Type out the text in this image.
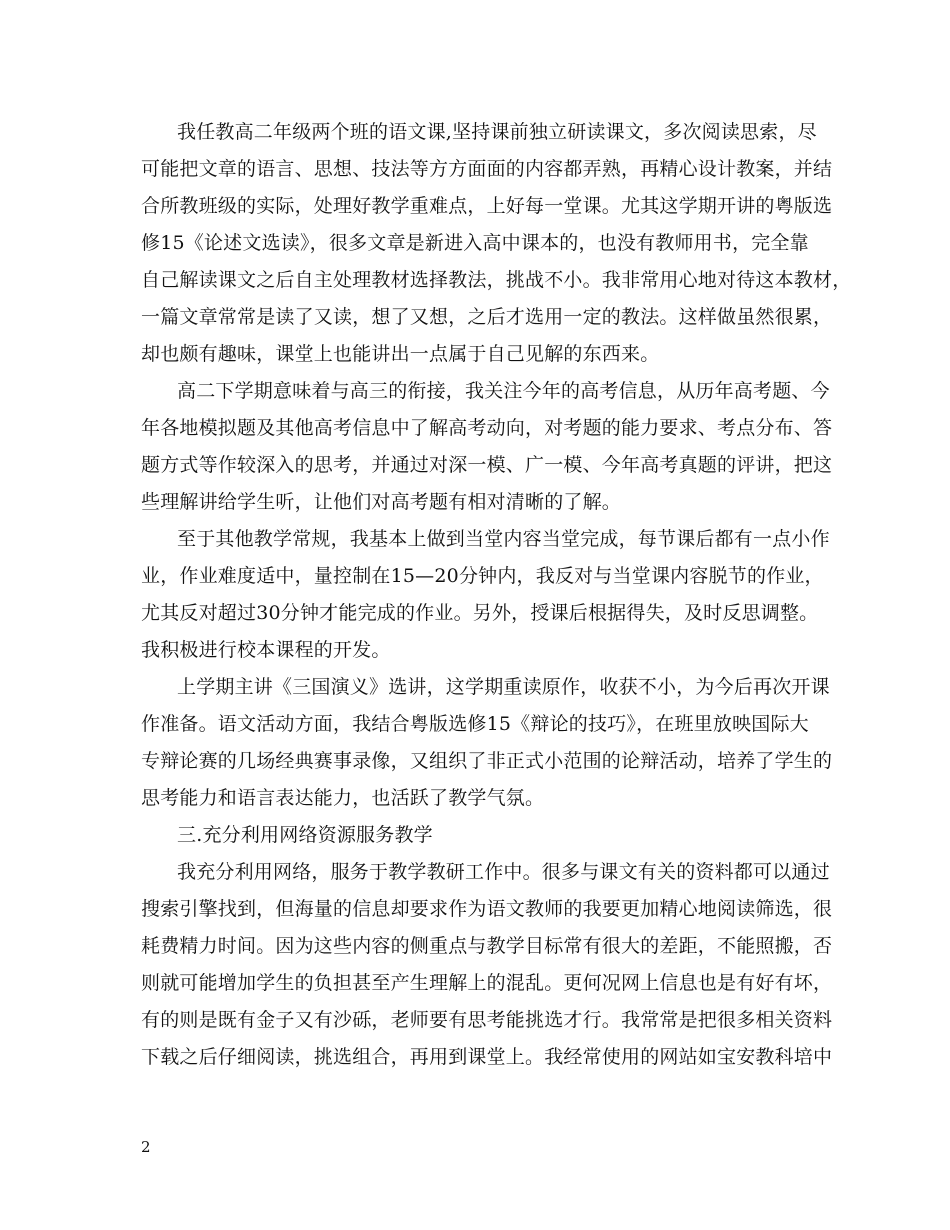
我任教高二年级两个班的语文课,坚持课前独立研读课文，多次阅读思索，尽
可能把文章的语言、思想、技法等方方面面的内容都弄熟，再精心设计教案，并结
合所教班级的实际，处理好教学重难点，上好每一堂课。尤其这学期开讲的粤版选
修15《论述文选读》，很多文章是新进入高中课本的，也没有教师用书，完全靠
自己解读课文之后自主处理教材选择教法，挑战不小。我非常用心地对待这本教材，
一篇文章常常是读了又读，想了又想，之后才选用一定的教法。这样做虽然很累，
却也颇有趣味，课堂上也能讲出一点属于自己见解的东西来。
高二下学期意味着与高三的衔接，我关注今年的高考信息，从历年高考题、今
年各地模拟题及其他高考信息中了解高考动向，对考题的能力要求、考点分布、答
题方式等作较深入的思考，并通过对深一模、广一模、今年高考真题的评讲，把这
些理解讲给学生听，让他们对高考题有相对清晰的了解。
至于其他教学常规，我基本上做到当堂内容当堂完成，每节课后都有一点小作
业，作业难度适中，量控制在15—20分钟内，我反对与当堂课内容脱节的作业，
尤其反对超过30分钟才能完成的作业。另外，授课后根据得失，及时反思调整。
我积极进行校本课程的开发。
上学期主讲《三国演义》选讲，这学期重读原作，收获不小，为今后再次开课
作准备。语文活动方面，我结合粤版选修15《辩论的技巧》，在班里放映国际大
专辩论赛的几场经典赛事录像，又组织了非正式小范围的论辩活动，培养了学生的
思考能力和语言表达能力，也活跃了教学气氛。
三.充分利用网络资源服务教学
我充分利用网络，服务于教学教研工作中。很多与课文有关的资料都可以通过
搜索引擎找到，但海量的信息却要求作为语文教师的我要更加精心地阅读筛选，很
耗费精力时间。因为这些内容的侧重点与教学目标常有很大的差距，不能照搬，否
则就可能增加学生的负担甚至产生理解上的混乱。更何况网上信息也是有好有坏，
有的则是既有金子又有沙砾，老师要有思考能挑选才行。我常常是把很多相关资料
下载之后仔细阅读，挑选组合，再用到课堂上。我经常使用的网站如宝安教科培中
2
